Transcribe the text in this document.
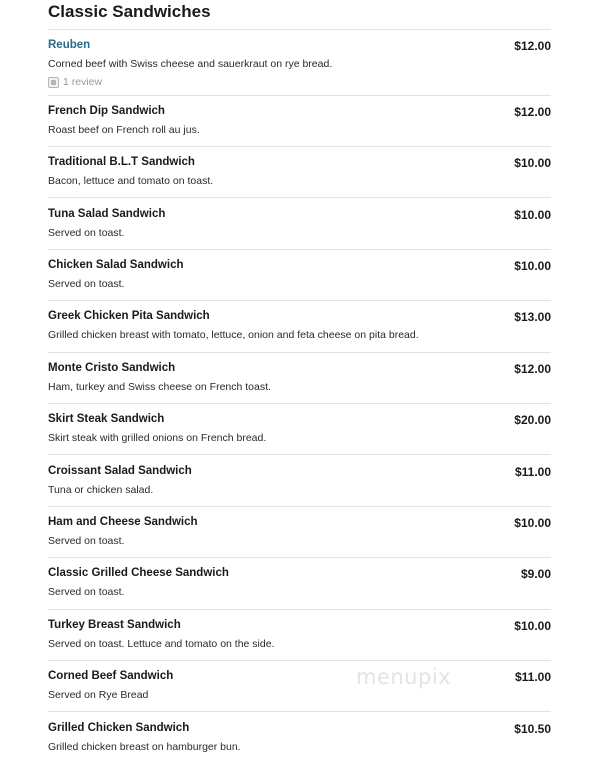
Classic Sandwiches
Reuben	$12.00
Corned beef with Swiss cheese and sauerkraut on rye bread.
1 review
French Dip Sandwich	$12.00
Roast beef on French roll au jus.
Traditional B.L.T Sandwich	$10.00
Bacon, lettuce and tomato on toast.
Tuna Salad Sandwich	$10.00
Served on toast.
Chicken Salad Sandwich	$10.00
Served on toast.
Greek Chicken Pita Sandwich	$13.00
Grilled chicken breast with tomato, lettuce, onion and feta cheese on pita bread.
Monte Cristo Sandwich	$12.00
Ham, turkey and Swiss cheese on French toast.
Skirt Steak Sandwich	$20.00
Skirt steak with grilled onions on French bread.
Croissant Salad Sandwich	$11.00
Tuna or chicken salad.
Ham and Cheese Sandwich	$10.00
Served on toast.
Classic Grilled Cheese Sandwich	$9.00
Served on toast.
Turkey Breast Sandwich	$10.00
Served on toast. Lettuce and tomato on the side.
Corned Beef Sandwich	$11.00
Served on Rye Bread
Grilled Chicken Sandwich	$10.50
Grilled chicken breast on hamburger bun.
menupix
